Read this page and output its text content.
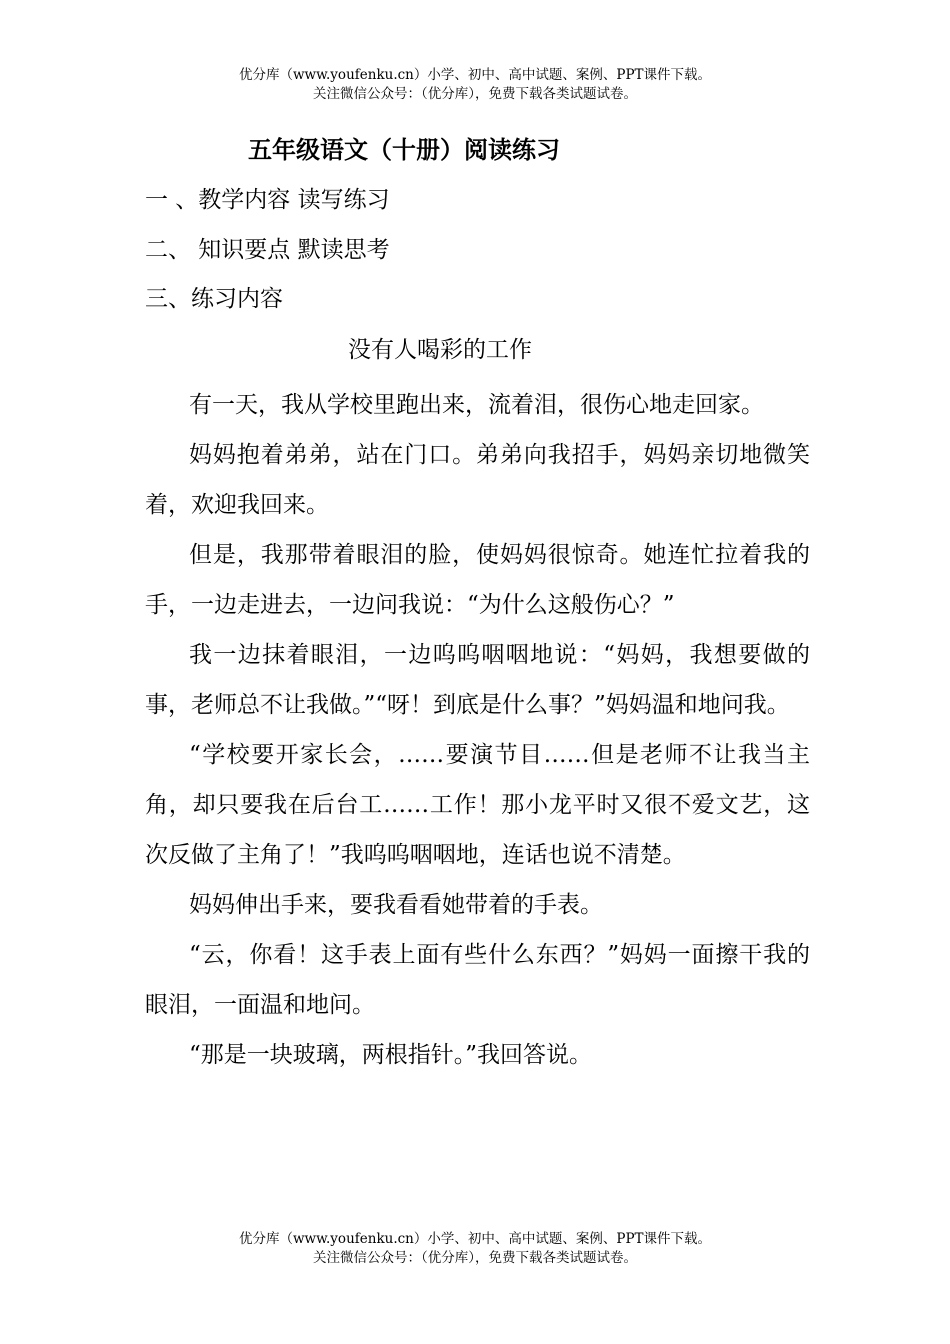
优分库（www.youfenku.cn）小学、初中、高中试题、案例、PPT课件下载。
关注微信公众号：（优分库），免费下载各类试题试卷。
五年级语文（十册）阅读练习
一 、教学内容 读写练习
二、 知识要点 默读思考
三、练习内容
没有人喝彩的工作

有一天，我从学校里跑出来，流着泪，很伤心地走回家。

妈妈抱着弟弟，站在门口。弟弟向我招手，妈妈亲切地微笑着，欢迎我回来。

但是，我那带着眼泪的脸，使妈妈很惊奇。她连忙拉着我的手，一边走进去，一边问我说：“为什么这般伤心？”

我一边抹着眼泪，一边呜呜咽咽地说：“妈妈，我想要做的事，老师总不让我做。”“呀！到底是什么事？”妈妈温和地问我。

“学校要开家长会，……要演节目……但是老师不让我当主角，却只要我在后台工……工作！那小龙平时又很不爱文艺，这次反做了主角了！”我呜呜咽咽地，连话也说不清楚。

妈妈伸出手来，要我看看她带着的手表。

“云，你看！这手表上面有些什么东西？”妈妈一面擦干我的眼泪，一面温和地问。

“那是一块玻璃，两根指针。”我回答说。

优分库（www.youfenku.cn）小学、初中、高中试题、案例、PPT课件下载。
关注微信公众号：（优分库），免费下载各类试题试卷。
